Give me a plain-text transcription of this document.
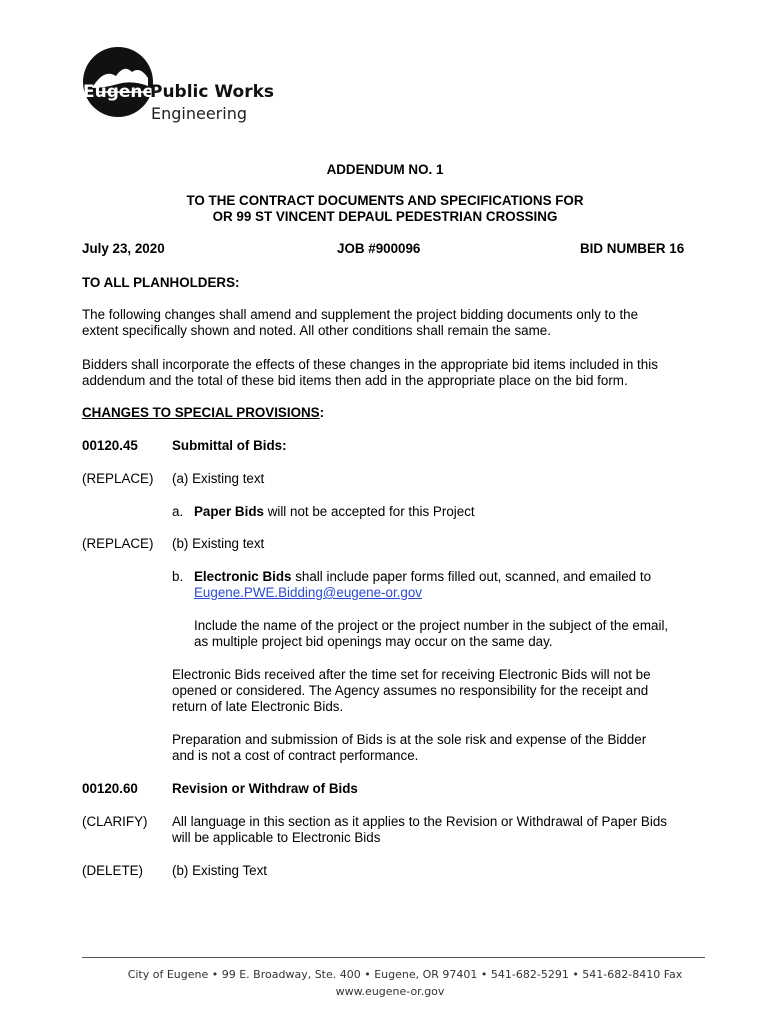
Eugene
Public Works
Engineering
ADDENDUM NO. 1
TO THE CONTRACT DOCUMENTS AND SPECIFICATIONS FOR
OR 99 ST VINCENT DEPAUL PEDESTRIAN CROSSING
July 23, 2020	JOB #900096	BID NUMBER 16
TO ALL PLANHOLDERS:
The following changes shall amend and supplement the project bidding documents only to the
extent specifically shown and noted. All other conditions shall remain the same.
Bidders shall incorporate the effects of these changes in the appropriate bid items included in this
addendum and the total of these bid items then add in the appropriate place on the bid form.
CHANGES TO SPECIAL PROVISIONS:
00120.45	Submittal of Bids:
(REPLACE) (a) Existing text
a. Paper Bids will not be accepted for this Project
(REPLACE) (b) Existing text
b. Electronic Bids shall include paper forms filled out, scanned, and emailed to
Eugene.PWE.Bidding@eugene-or.gov
Include the name of the project or the project number in the subject of the email,
as multiple project bid openings may occur on the same day.
Electronic Bids received after the time set for receiving Electronic Bids will not be
opened or considered. The Agency assumes no responsibility for the receipt and
return of late Electronic Bids.
Preparation and submission of Bids is at the sole risk and expense of the Bidder
and is not a cost of contract performance.
00120.60	Revision or Withdraw of Bids
(CLARIFY) All language in this section as it applies to the Revision or Withdrawal of Paper Bids
will be applicable to Electronic Bids
(DELETE) (b) Existing Text
City of Eugene • 99 E. Broadway, Ste. 400 • Eugene, OR 97401 • 541-682-5291 • 541-682-8410 Fax
www.eugene-or.gov
